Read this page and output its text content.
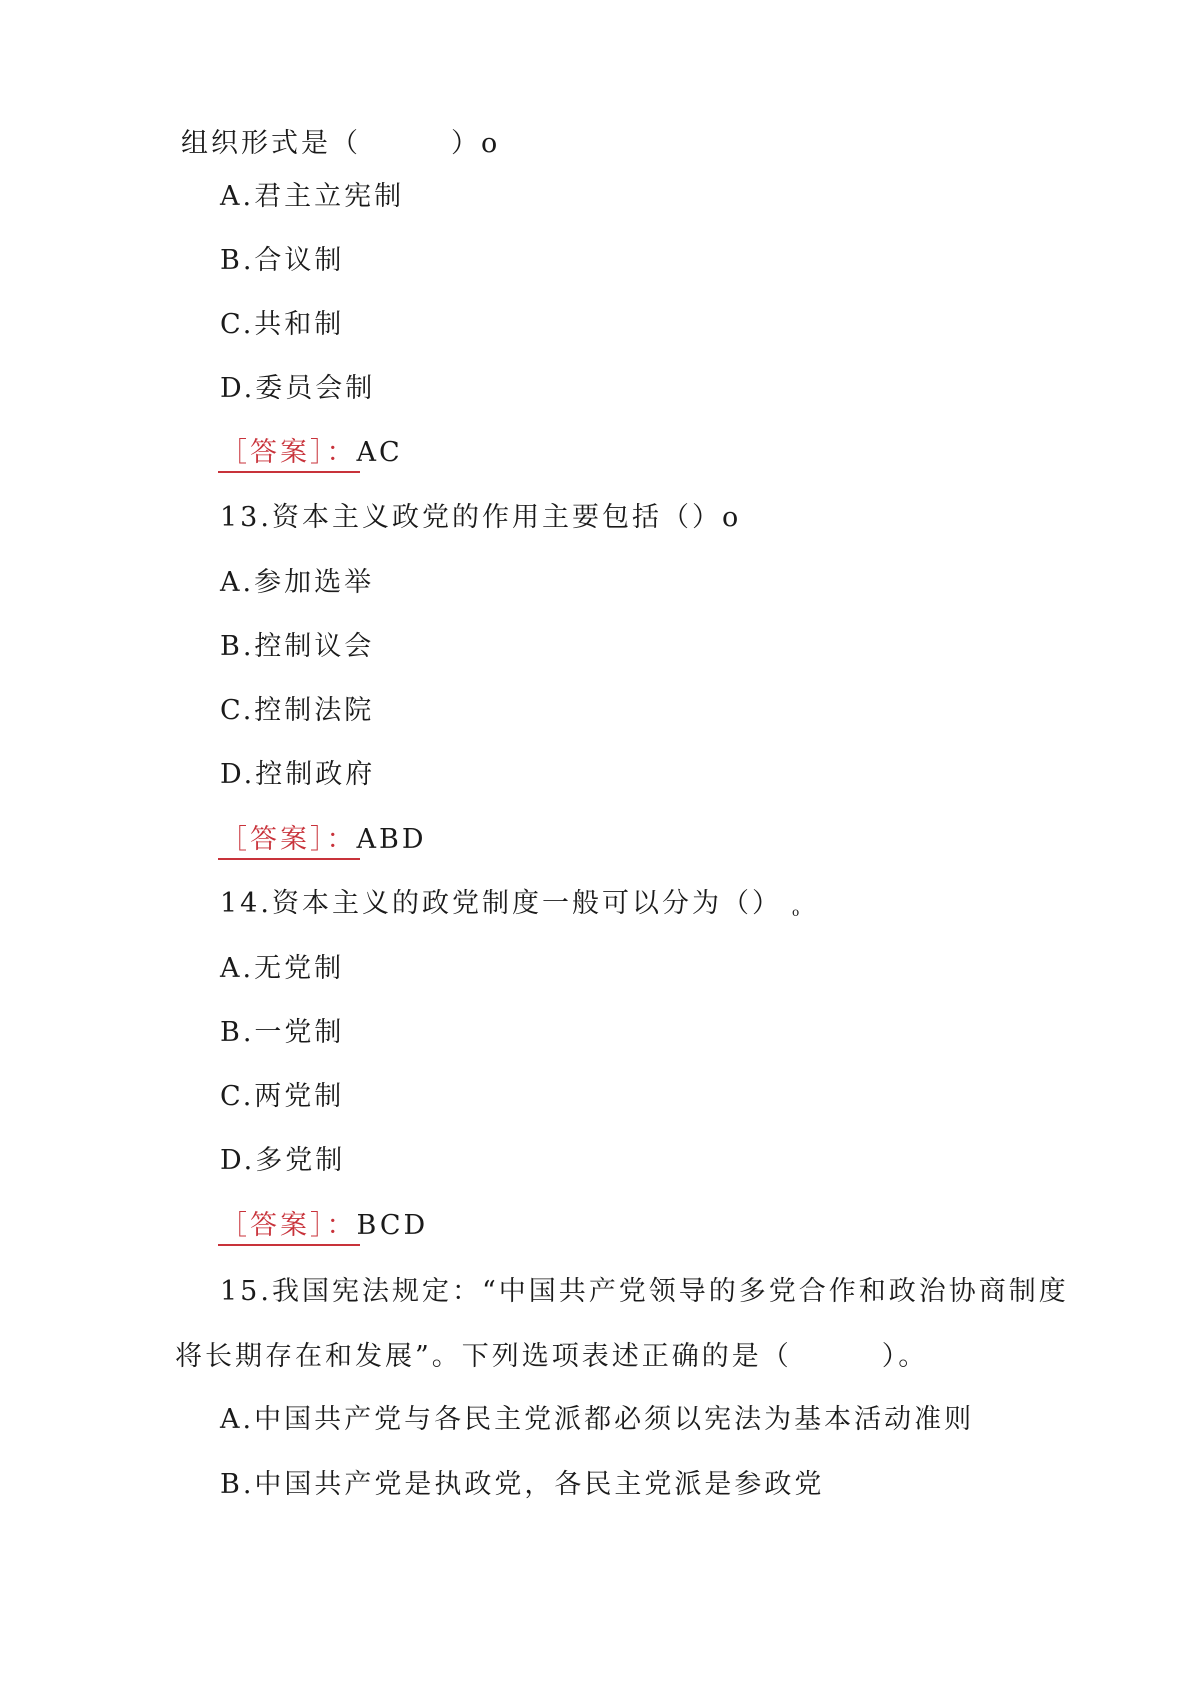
组织形式是（　　　）o
A.君主立宪制
B.合议制
C.共和制
D.委员会制
［答案］：AC
13.资本主义政党的作用主要包括（）o
A.参加选举
B.控制议会
C.控制法院
D.控制政府
［答案］：ABD
14.资本主义的政党制度一般可以分为（） o
A.无党制
B.一党制
C.两党制
D.多党制
［答案］：BCD
15.我国宪法规定：“中国共产党领导的多党合作和政治协商制度
将长期存在和发展”。下列选项表述正确的是（　　　）。
A.中国共产党与各民主党派都必须以宪法为基本活动准则
B.中国共产党是执政党，各民主党派是参政党
